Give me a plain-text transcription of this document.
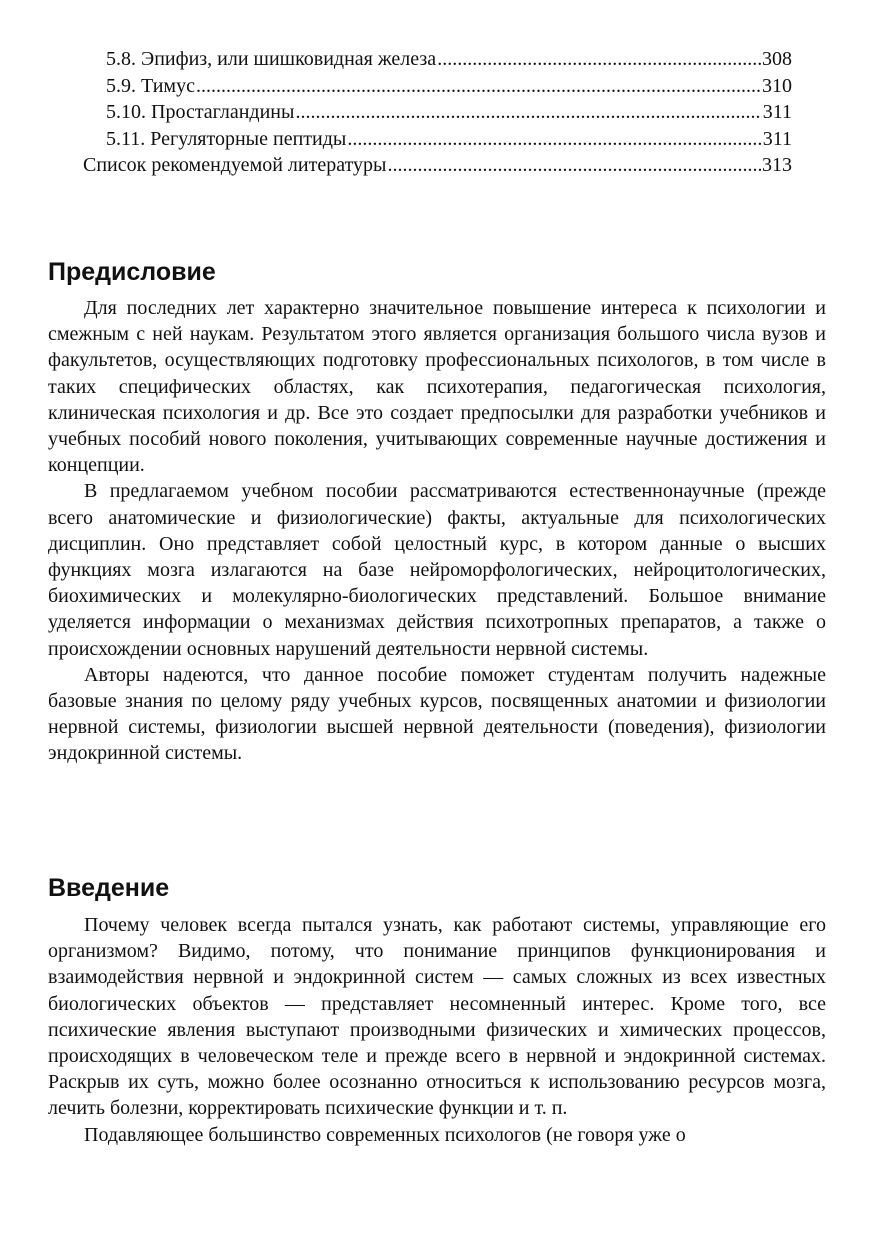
5.8. Эпифиз, или шишковидная железа .....	308
5.9. Тимус .....	310
5.10. Простагландины .....	311
5.11. Регуляторные пептиды .....	311
Список рекомендуемой литературы .....	313
Предисловие

Для последних лет характерно значительное повышение интереса к психологии и смежным с ней наукам. Результатом этого является организация большого числа вузов и факультетов, осуществляющих подготовку профессиональных психологов, в том числе в таких специфических областях, как психотерапия, педагогическая психология, клиническая психология и др. Все это создает предпосылки для разработки учебников и учебных пособий нового поколения, учитывающих современные научные достижения и концепции.

В предлагаемом учебном пособии рассматриваются естественнонаучные (прежде всего анатомические и физиологические) факты, актуальные для психологических дисциплин. Оно представляет собой целостный курс, в котором данные о высших функциях мозга излагаются на базе нейроморфологических, нейроцитологических, биохимических и молекулярно-биологических представлений. Большое внимание уделяется информации о механизмах действия психотропных препаратов, а также о происхождении основных нарушений деятельности нервной системы.

Авторы надеются, что данное пособие поможет студентам получить надежные базовые знания по целому ряду учебных курсов, посвященных анатомии и физиологии нервной системы, физиологии высшей нервной деятельности (поведения), физиологии эндокринной системы.

Введение

Почему человек всегда пытался узнать, как работают системы, управляющие его организмом? Видимо, потому, что понимание принципов функционирования и взаимодействия нервной и эндокринной систем — самых сложных из всех известных биологических объектов — представляет несомненный интерес. Кроме того, все психические явления выступают производными физических и химических процессов, происходящих в человеческом теле и прежде всего в нервной и эндокринной системах. Раскрыв их суть, можно более осознанно относиться к использованию ресурсов мозга, лечить болезни, корректировать психические функции и т. п.

Подавляющее большинство современных психологов (не говоря уже о
